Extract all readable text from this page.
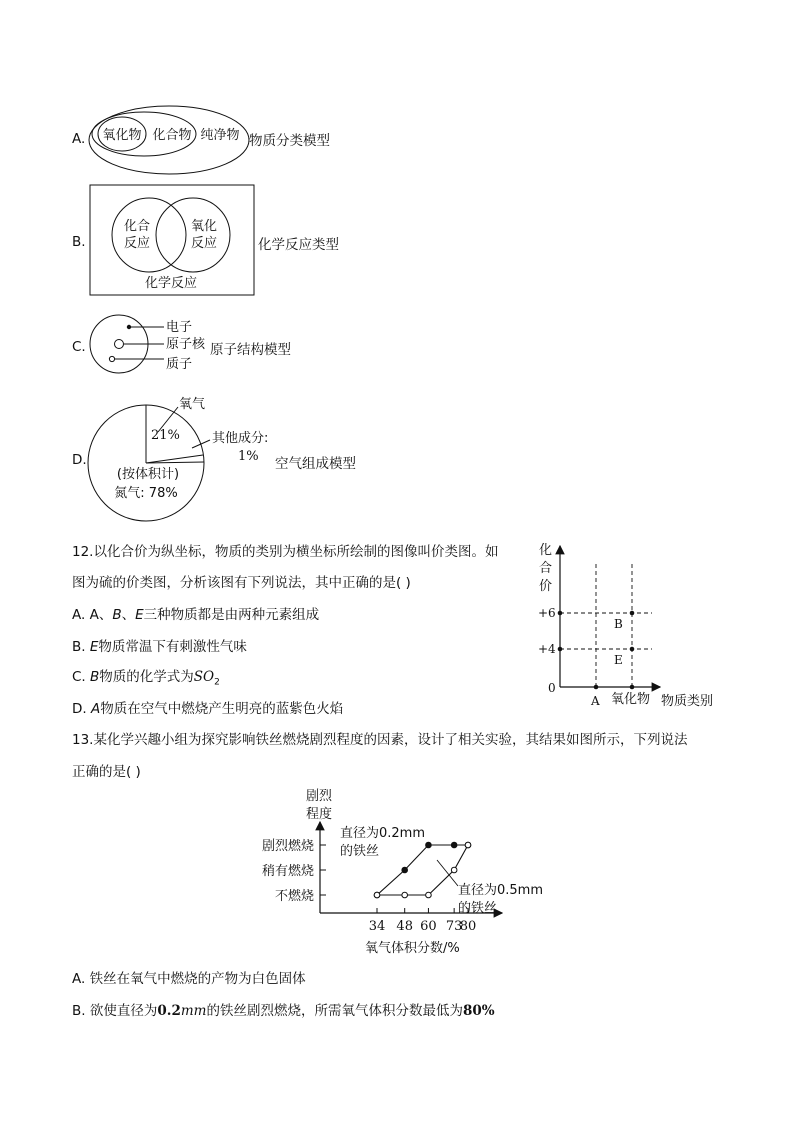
A. 氧化物 化合物 纯净物 物质分类模型
B.
化合
反应
氧化
反应
化学反应
化学反应类型
C.
电子
原子核
质子
原子结构模型
D.
氧气
21% 其他成分:
1%
(按体积计)
氮气: 78%
空气组成模型
12.以化合价为纵坐标，物质的类别为横坐标所绘制的图像叫价类图。如
图为硫的价类图，分析该图有下列说法，其中正确的是( )
A. A、B、E三种物质都是由两种元素组成
B. E物质常温下有刺激性气味
C. B物质的化学式为$SO_2$
D. A物质在空气中燃烧产生明亮的蓝紫色火焰
化
合
价
+6
+4
0
A 氧化物 物质类别
B
E
13.某化学兴趣小组为探究影响铁丝燃烧剧烈程度的因素，设计了相关实验，其结果如图所示，下列说法
正确的是( )
剧烈
程度
不燃烧
稍有燃烧
剧烈燃烧
34 48 60 73
80
直径为0.2mm
的铁丝
直径为0.5mm
的铁丝
氧气体积分数/%
A. 铁丝在氧气中燃烧的产物为白色固体
B. 欲使直径为0.2mm的铁丝剧烈燃烧，所需氧气体积分数最低为80%
